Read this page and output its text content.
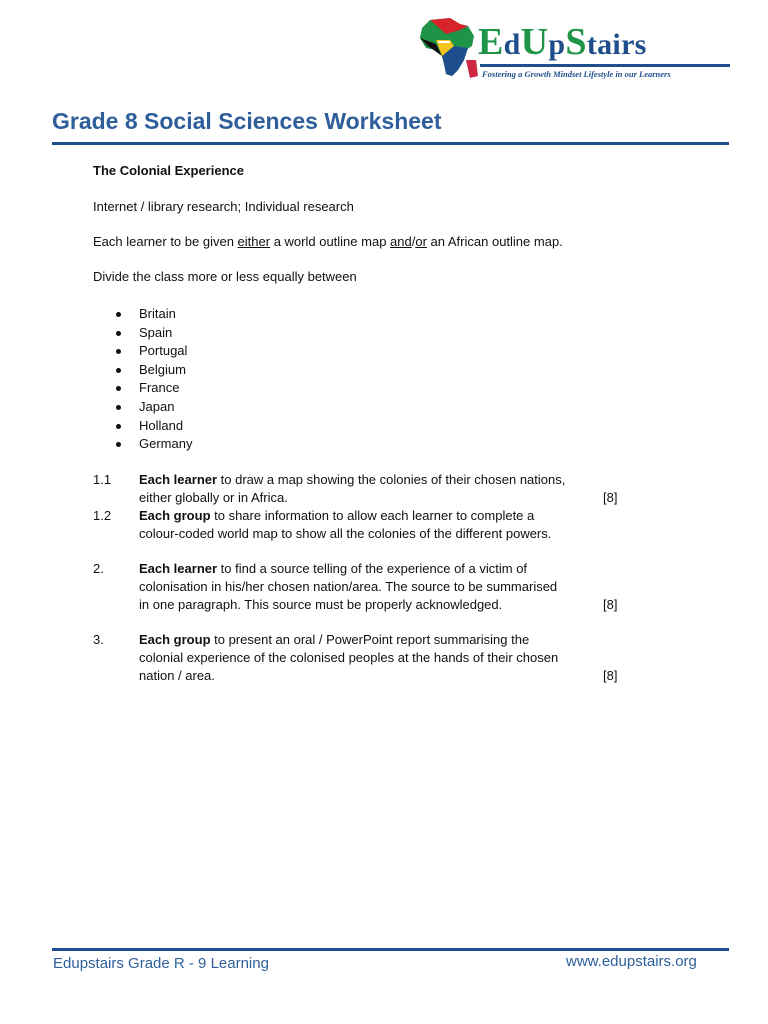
EdUpStairs
Fostering a Growth Mindset Lifestyle in our Learners
Grade 8 Social Sciences Worksheet
The Colonial Experience
Internet / library research; Individual research
Each learner to be given either a world outline map and/or an African outline map.
Divide the class more or less equally between
Britain
Spain
Portugal
Belgium
France
Japan
Holland
Germany
1.1 Each learner to draw a map showing the colonies of their chosen nations,
either globally or in Africa.	[8]
1.2 Each group to share information to allow each learner to complete a
colour-coded world map to show all the colonies of the different powers.
2.	Each learner to find a source telling of the experience of a victim of
colonisation in his/her chosen nation/area. The source to be summarised
in one paragraph. This source must be properly acknowledged.	[8]
3.	Each group to present an oral / PowerPoint report summarising the
colonial experience of the colonised peoples at the hands of their chosen
nation / area.	[8]
Edupstairs Grade R - 9 Learning	www.edupstairs.org
